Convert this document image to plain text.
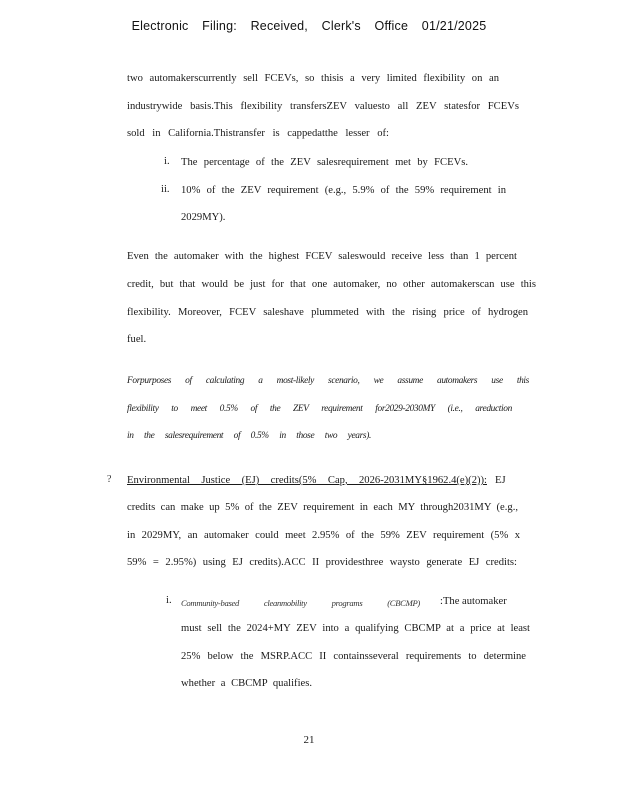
Electronic Filing: Received, Clerk's Office 01/21/2025
two automakerscurrently sell FCEVs, so thisis a very limited flexibility on an
industrywide basis.This flexibility transfersZEV valuesto all ZEV statesfor FCEVs
sold in California.Thistransfer is cappedatthe lesser of:
i. The percentage of the ZEV salesrequirement met by FCEVs.
ii. 10% of the ZEV requirement (e.g., 5.9% of the 59% requirement in
2029MY).
Even the automaker with the highest FCEV saleswould receive less than 1 percent
credit, but that would be just for that one automaker, no other automakerscan use this
flexibility. Moreover, FCEV saleshave plummeted with the rising price of hydrogen
fuel.
Forpurposes of calculating a most-likely scenario, we assume automakers use this
flexibility to meet 0.5% of the ZEV requirement for2029-2030MY (i.e., areduction
in the salesrequirement of 0.5% in those two years).
? Environmental Justice (EJ) credits(5% Cap, 2026-2031MY§1962.4(e)(2)): EJ
credits can make up 5% of the ZEV requirement in each MY through2031MY (e.g.,
in 2029MY, an automaker could meet 2.95% of the 59% ZEV requirement (5% x
59% = 2.95%) using EJ credits).ACC II providesthree waysto generate EJ credits:
i. Community-based cleanmobility programs (CBCMP) :The automaker
must sell the 2024+MY ZEV into a qualifying CBCMP at a price at least
25% below the MSRP.ACC II containsseveral requirements to determine
whether a CBCMP qualifies.
21
